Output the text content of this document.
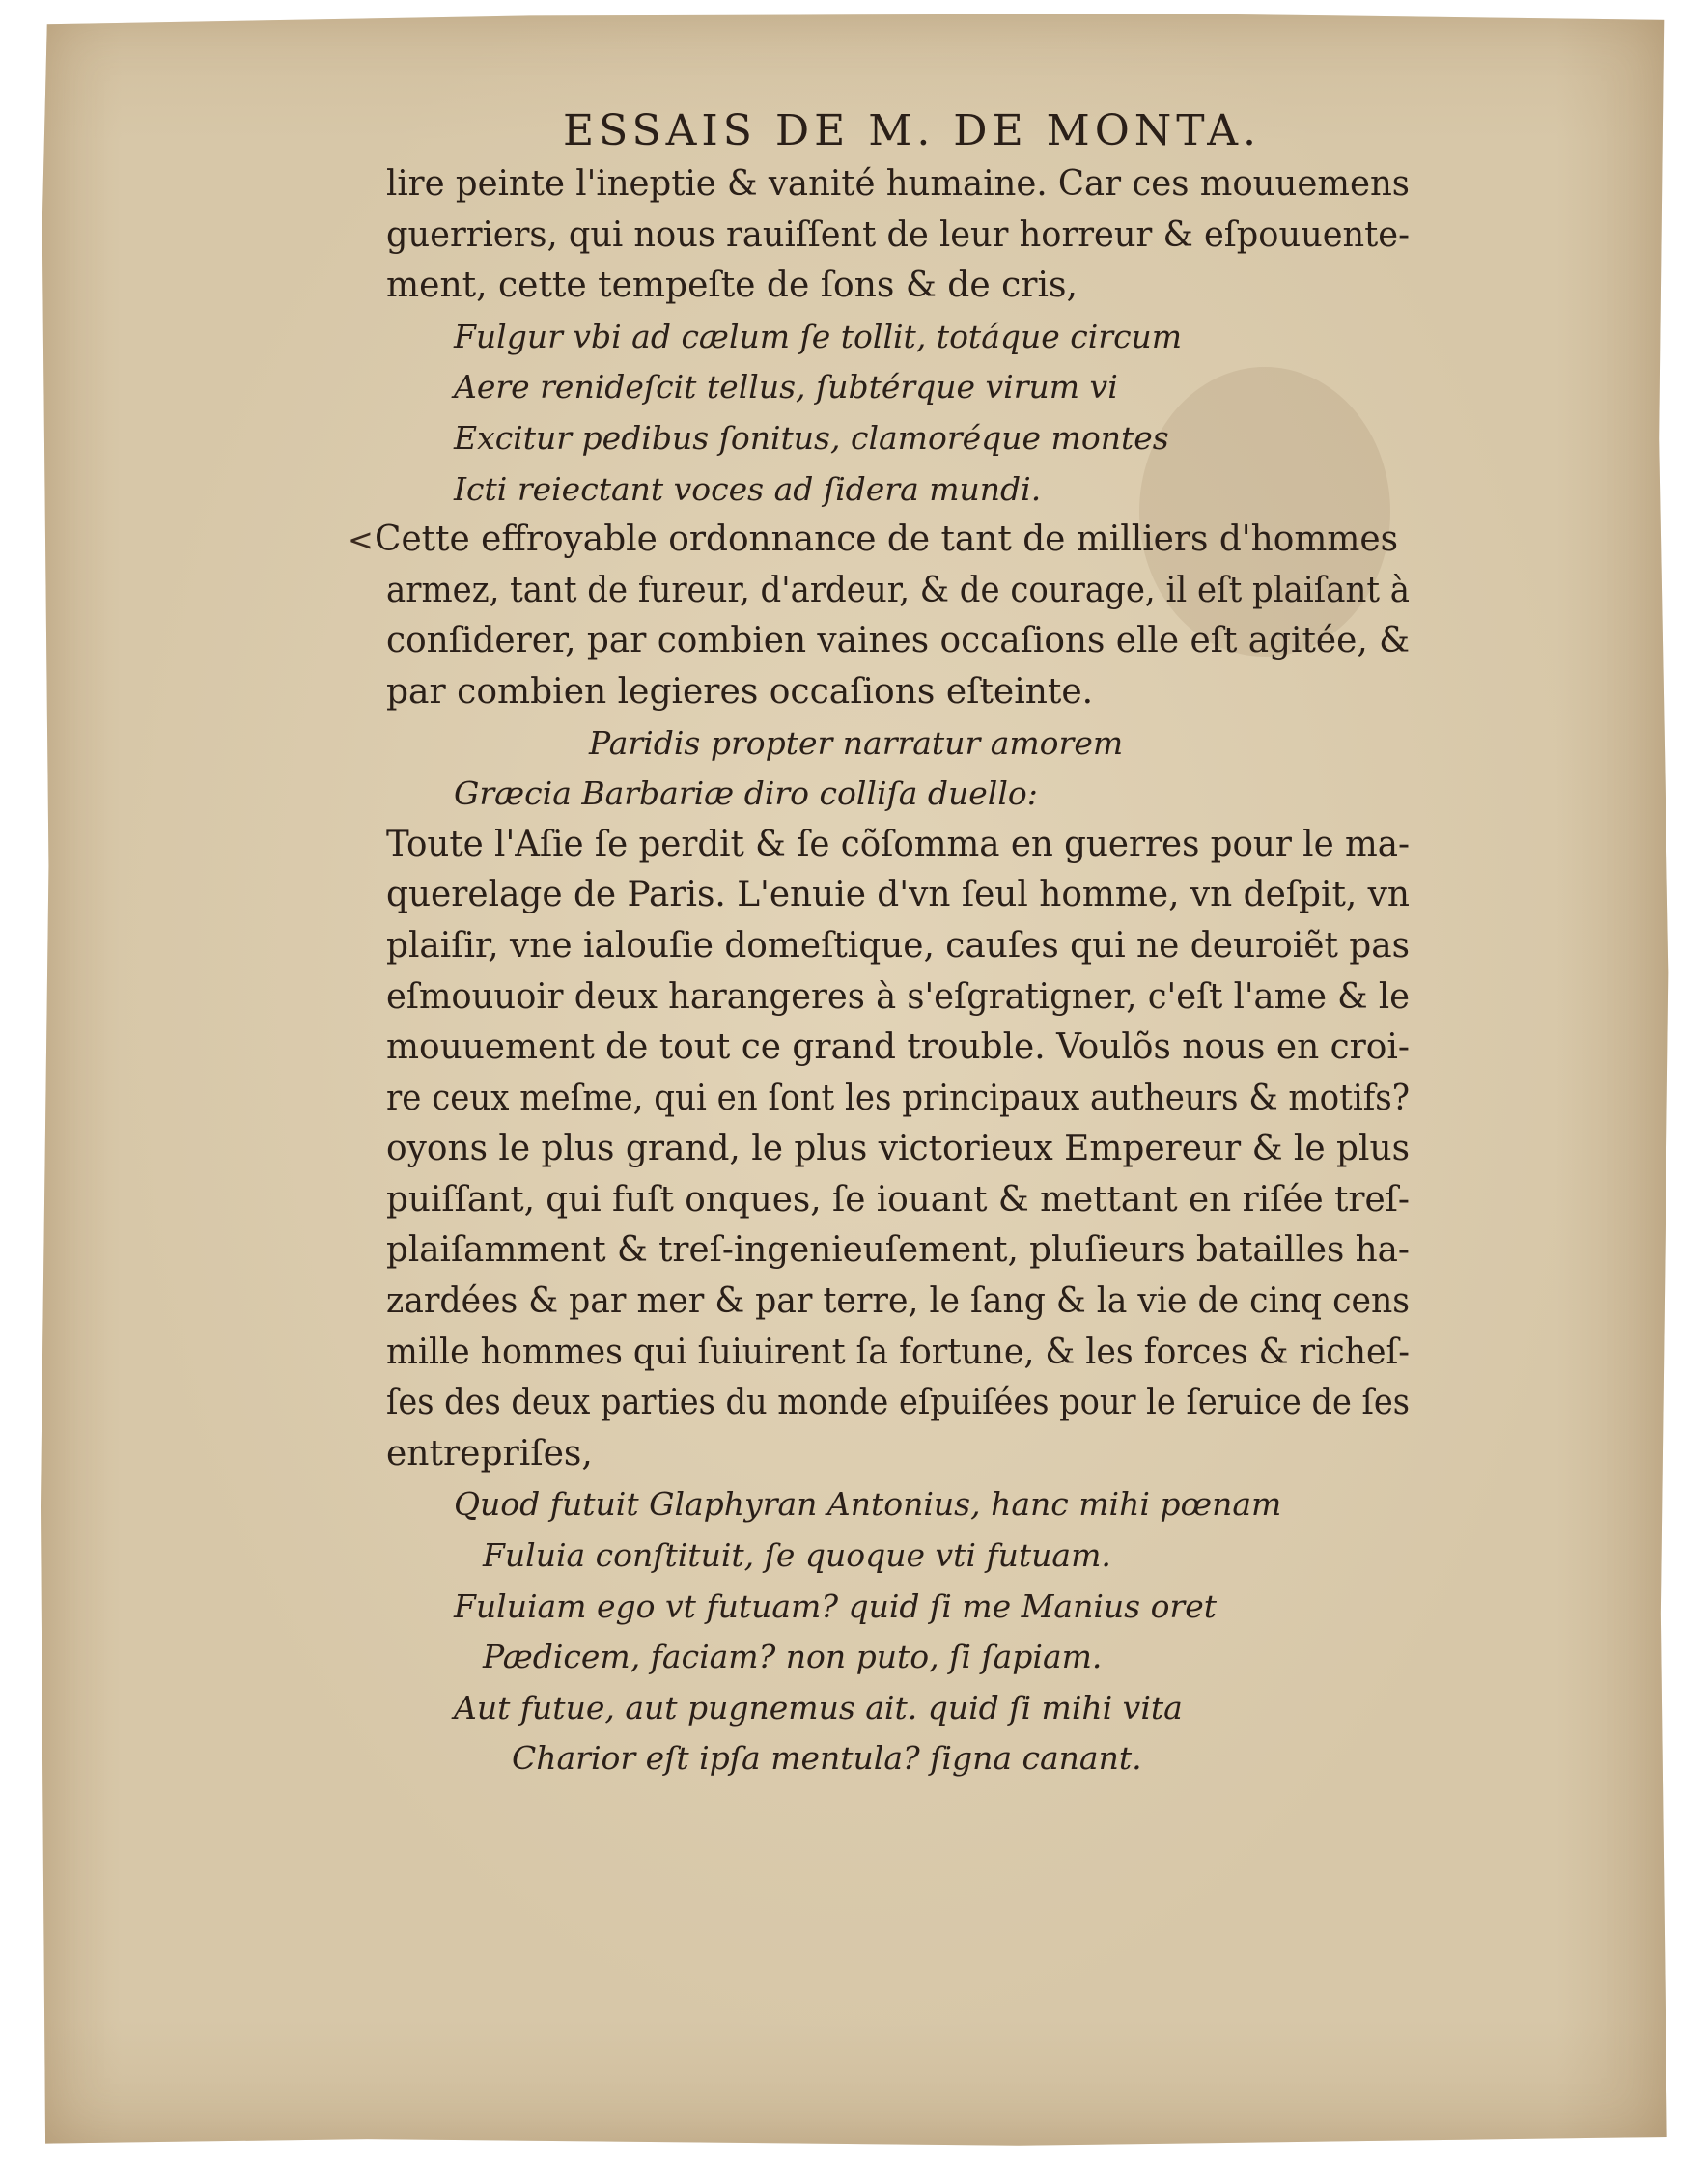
ESSAIS DE M. DE MONTA.
lire peinte l'ineptie & vanité humaine. Car ces mouuemens
guerriers, qui nous rauiſſent de leur horreur & eſpouuente-
ment, cette tempeſte de ſons & de cris,
Fulgur vbi ad cælum ſe tollit, totáque circum
Aere renideſcit tellus, ſubtérque virum vi
Excitur pedibus ſonitus, clamoréque montes
Icti reiectant voces ad ſidera mundi.
<Cette effroyable ordonnance de tant de milliers d'hommes
armez, tant de fureur, d'ardeur, & de courage, il eſt plaiſant à
conſiderer, par combien vaines occaſions elle eſt agitée, &
par combien legieres occaſions eſteinte.
Paridis propter narratur amorem
Græcia Barbariæ diro colliſa duello:
Toute l'Aſie ſe perdit & ſe cõſomma en guerres pour le ma-
querelage de Paris. L'enuie d'vn ſeul homme, vn deſpit, vn
plaiſir, vne ialouſie domeſtique, cauſes qui ne deuroiẽt pas
eſmouuoir deux harangeres à s'eſgratigner, c'eſt l'ame & le
mouuement de tout ce grand trouble. Voulõs nous en croi-
re ceux meſme, qui en ſont les principaux autheurs & motifs?
oyons le plus grand, le plus victorieux Empereur & le plus
puiſſant, qui fuſt onques, ſe iouant & mettant en riſée treſ-
plaiſamment & treſ-ingenieuſement, pluſieurs batailles ha-
zardées & par mer & par terre, le ſang & la vie de cinq cens
mille hommes qui ſuiuirent ſa fortune, & les forces & richeſ-
ſes des deux parties du monde eſpuiſées pour le ſeruice de ſes
entrepriſes,
Quod futuit Glaphyran Antonius, hanc mihi pœnam
Fuluia conſtituit, ſe quoque vti futuam.
Fuluiam ego vt futuam? quid ſi me Manius oret
Pædicem, faciam? non puto, ſi ſapiam.
Aut futue, aut pugnemus ait. quid ſi mihi vita
Charior eſt ipſa mentula? ſigna canant.
